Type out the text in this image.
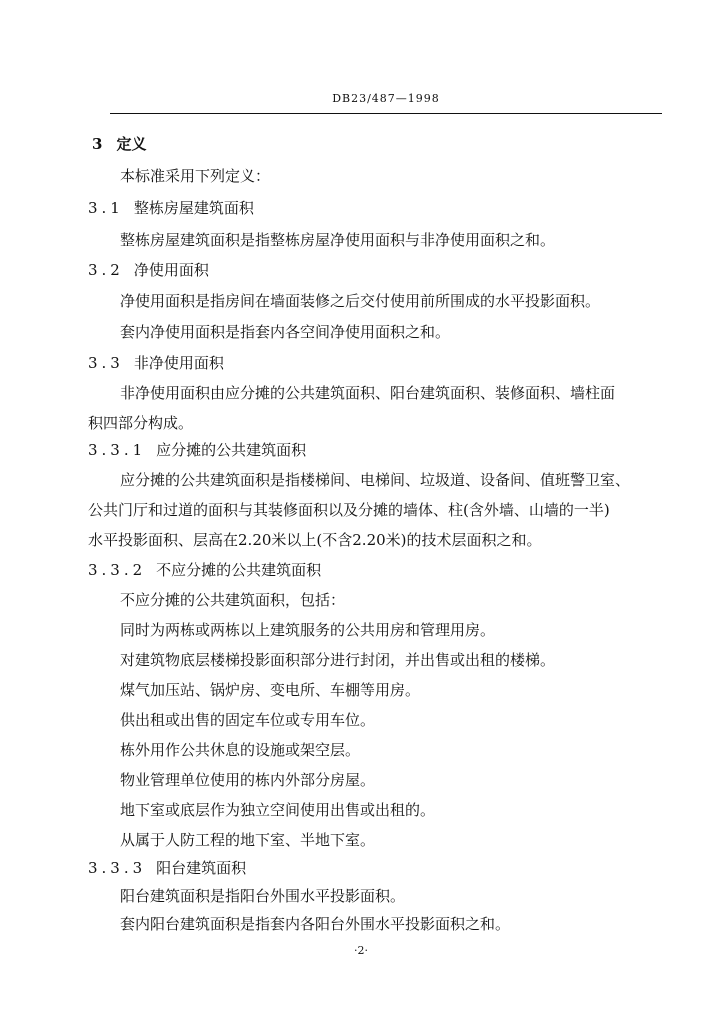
DB23/487—1998
3 定义
本标准采用下列定义：
3.1 整栋房屋建筑面积
整栋房屋建筑面积是指整栋房屋净使用面积与非净使用面积之和。
3.2 净使用面积
净使用面积是指房间在墙面装修之后交付使用前所围成的水平投影面积。
套内净使用面积是指套内各空间净使用面积之和。
3.3 非净使用面积
非净使用面积由应分摊的公共建筑面积、阳台建筑面积、装修面积、墙柱面
积四部分构成。
3.3.1 应分摊的公共建筑面积
应分摊的公共建筑面积是指楼梯间、电梯间、垃圾道、设备间、值班警卫室、
公共门厅和过道的面积与其装修面积以及分摊的墙体、柱(含外墙、山墙的一半)
水平投影面积、层高在2.20米以上(不含2.20米)的技术层面积之和。
3.3.2 不应分摊的公共建筑面积
不应分摊的公共建筑面积，包括：
同时为两栋或两栋以上建筑服务的公共用房和管理用房。
对建筑物底层楼梯投影面积部分进行封闭，并出售或出租的楼梯。
煤气加压站、锅炉房、变电所、车棚等用房。
供出租或出售的固定车位或专用车位。
栋外用作公共休息的设施或架空层。
物业管理单位使用的栋内外部分房屋。
地下室或底层作为独立空间使用出售或出租的。
从属于人防工程的地下室、半地下室。
3.3.3 阳台建筑面积
阳台建筑面积是指阳台外围水平投影面积。
套内阳台建筑面积是指套内各阳台外围水平投影面积之和。
·2·
